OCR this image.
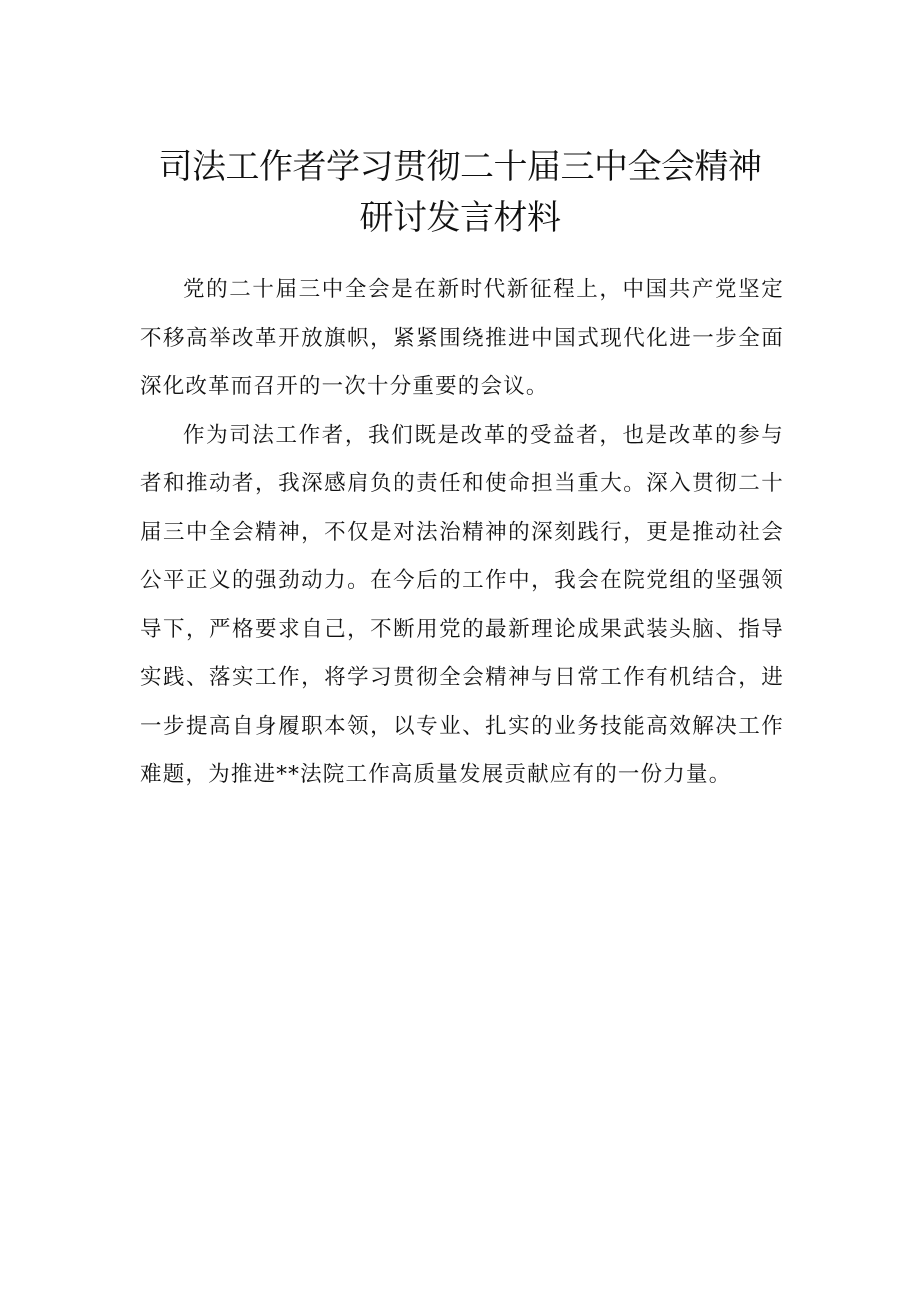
司法工作者学习贯彻二十届三中全会精神
研讨发言材料

党的二十届三中全会是在新时代新征程上，中国共产党坚定不移高举改革开放旗帜，紧紧围绕推进中国式现代化进一步全面深化改革而召开的一次十分重要的会议。

作为司法工作者，我们既是改革的受益者，也是改革的参与者和推动者，我深感肩负的责任和使命担当重大。深入贯彻二十届三中全会精神，不仅是对法治精神的深刻践行，更是推动社会公平正义的强劲动力。在今后的工作中，我会在院党组的坚强领导下，严格要求自己，不断用党的最新理论成果武装头脑、指导实践、落实工作，将学习贯彻全会精神与日常工作有机结合，进一步提高自身履职本领，以专业、扎实的业务技能高效解决工作难题，为推进**法院工作高质量发展贡献应有的一份力量。
